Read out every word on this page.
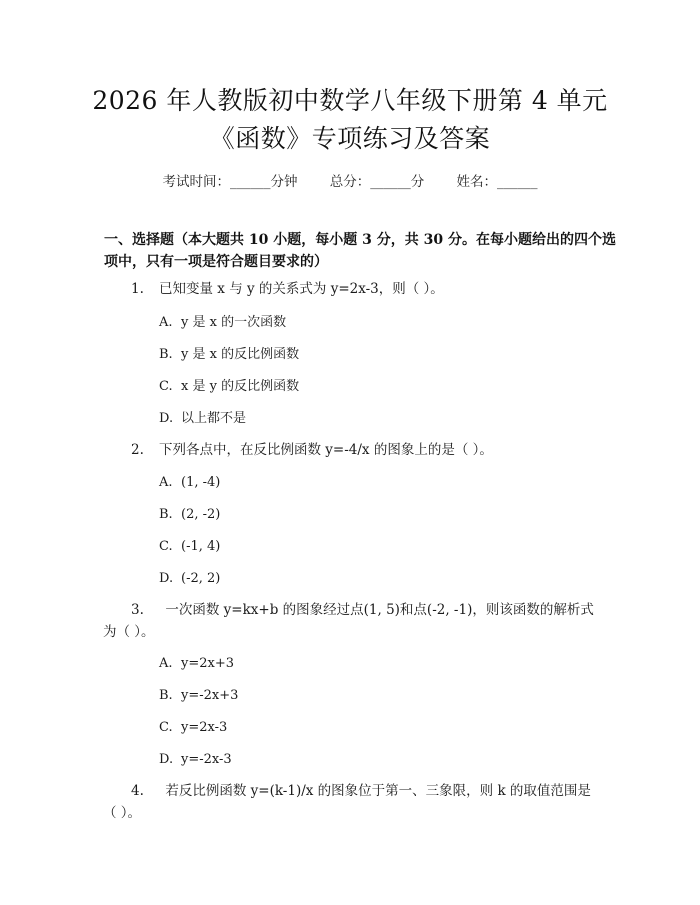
2026 年人教版初中数学八年级下册第 4 单元
《函数》专项练习及答案
考试时间：______分钟 总分：______分 姓名：______
一、选择题（本大题共 10 小题，每小题 3 分，共 30 分。在每小题给出的四个选项中，只有一项是符合题目要求的）
1. 已知变量 x 与 y 的关系式为 y=2x-3，则（ ）。
A. y 是 x 的一次函数
B. y 是 x 的反比例函数
C. x 是 y 的反比例函数
D. 以上都不是
2. 下列各点中，在反比例函数 y=-4/x 的图象上的是（ ）。
A. (1, -4)
B. (2, -2)
C. (-1, 4)
D. (-2, 2)
3. 一次函数 y=kx+b 的图象经过点(1, 5)和点(-2, -1)，则该函数的解析式为（ ）。
A. y=2x+3
B. y=-2x+3
C. y=2x-3
D. y=-2x-3
4. 若反比例函数 y=(k-1)/x 的图象位于第一、三象限，则 k 的取值范围是（ ）。
